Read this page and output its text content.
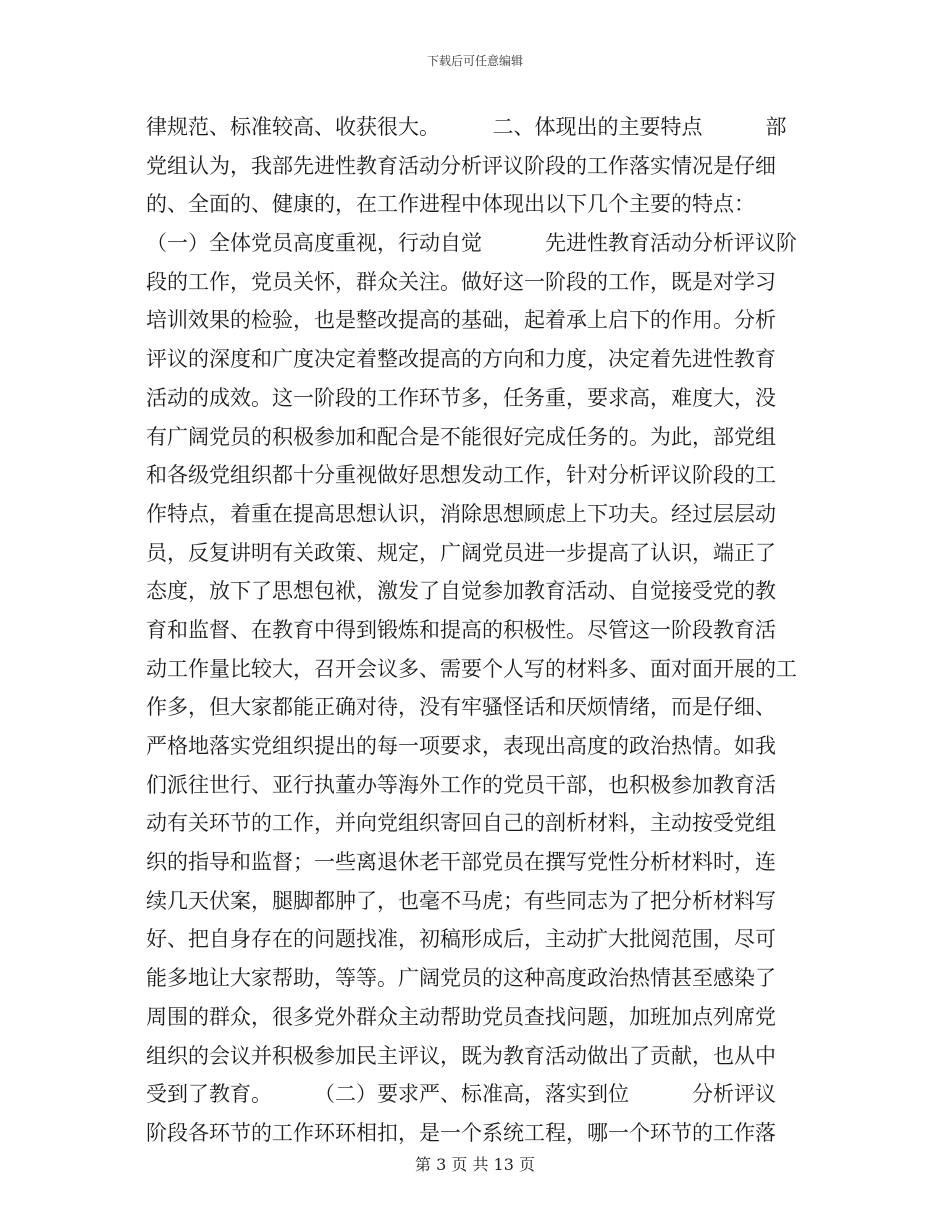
下载后可任意编辑
律规范、标准较高、收获很大。　　　二、体现出的主要特点　　　部
党组认为，我部先进性教育活动分析评议阶段的工作落实情况是仔细
的、全面的、健康的，在工作进程中体现出以下几个主要的特点：
（一）全体党员高度重视，行动自觉　　　先进性教育活动分析评议阶
段的工作，党员关怀，群众关注。做好这一阶段的工作，既是对学习
培训效果的检验，也是整改提高的基础，起着承上启下的作用。分析
评议的深度和广度决定着整改提高的方向和力度，决定着先进性教育
活动的成效。这一阶段的工作环节多，任务重，要求高，难度大，没
有广阔党员的积极参加和配合是不能很好完成任务的。为此，部党组
和各级党组织都十分重视做好思想发动工作，针对分析评议阶段的工
作特点，着重在提高思想认识，消除思想顾虑上下功夫。经过层层动
员，反复讲明有关政策、规定，广阔党员进一步提高了认识，端正了
态度，放下了思想包袱，激发了自觉参加教育活动、自觉接受党的教
育和监督、在教育中得到锻炼和提高的积极性。尽管这一阶段教育活
动工作量比较大，召开会议多、需要个人写的材料多、面对面开展的工
作多，但大家都能正确对待，没有牢骚怪话和厌烦情绪，而是仔细、
严格地落实党组织提出的每一项要求，表现出高度的政治热情。如我
们派往世行、亚行执董办等海外工作的党员干部，也积极参加教育活
动有关环节的工作，并向党组织寄回自己的剖析材料，主动按受党组
织的指导和监督；一些离退休老干部党员在撰写党性分析材料时，连
续几天伏案，腿脚都肿了，也毫不马虎；有些同志为了把分析材料写
好、把自身存在的问题找准，初稿形成后，主动扩大批阅范围，尽可
能多地让大家帮助，等等。广阔党员的这种高度政治热情甚至感染了
周围的群众，很多党外群众主动帮助党员查找问题，加班加点列席党
组织的会议并积极参加民主评议，既为教育活动做出了贡献，也从中
受到了教育。　　　（二）要求严、标准高，落实到位　　　分析评议
阶段各环节的工作环环相扣，是一个系统工程，哪一个环节的工作落
第 3 页 共 13 页
